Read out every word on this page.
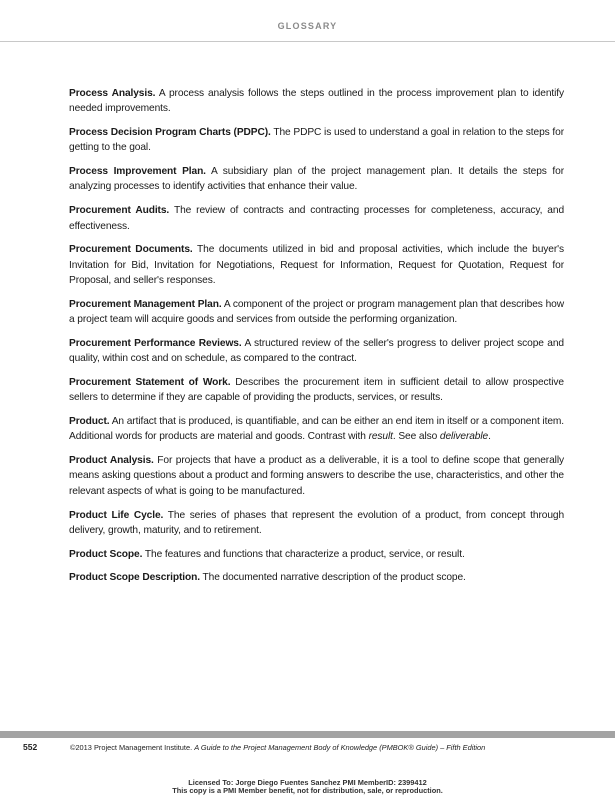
GLOSSARY

Process Analysis. A process analysis follows the steps outlined in the process improvement plan to identify needed improvements.

Process Decision Program Charts (PDPC). The PDPC is used to understand a goal in relation to the steps for getting to the goal.

Process Improvement Plan. A subsidiary plan of the project management plan. It details the steps for analyzing processes to identify activities that enhance their value.

Procurement Audits. The review of contracts and contracting processes for completeness, accuracy, and effectiveness.

Procurement Documents. The documents utilized in bid and proposal activities, which include the buyer's Invitation for Bid, Invitation for Negotiations, Request for Information, Request for Quotation, Request for Proposal, and seller's responses.

Procurement Management Plan. A component of the project or program management plan that describes how a project team will acquire goods and services from outside the performing organization.

Procurement Performance Reviews. A structured review of the seller's progress to deliver project scope and quality, within cost and on schedule, as compared to the contract.

Procurement Statement of Work. Describes the procurement item in sufficient detail to allow prospective sellers to determine if they are capable of providing the products, services, or results.

Product. An artifact that is produced, is quantifiable, and can be either an end item in itself or a component item. Additional words for products are material and goods. Contrast with result. See also deliverable.

Product Analysis. For projects that have a product as a deliverable, it is a tool to define scope that generally means asking questions about a product and forming answers to describe the use, characteristics, and other the relevant aspects of what is going to be manufactured.

Product Life Cycle. The series of phases that represent the evolution of a product, from concept through delivery, growth, maturity, and to retirement.

Product Scope. The features and functions that characterize a product, service, or result.

Product Scope Description. The documented narrative description of the product scope.

552	©2013 Project Management Institute. A Guide to the Project Management Body of Knowledge (PMBOK® Guide) – Fifth Edition
Licensed To: Jorge Diego Fuentes Sanchez PMI MemberID: 2399412
This copy is a PMI Member benefit, not for distribution, sale, or reproduction.
